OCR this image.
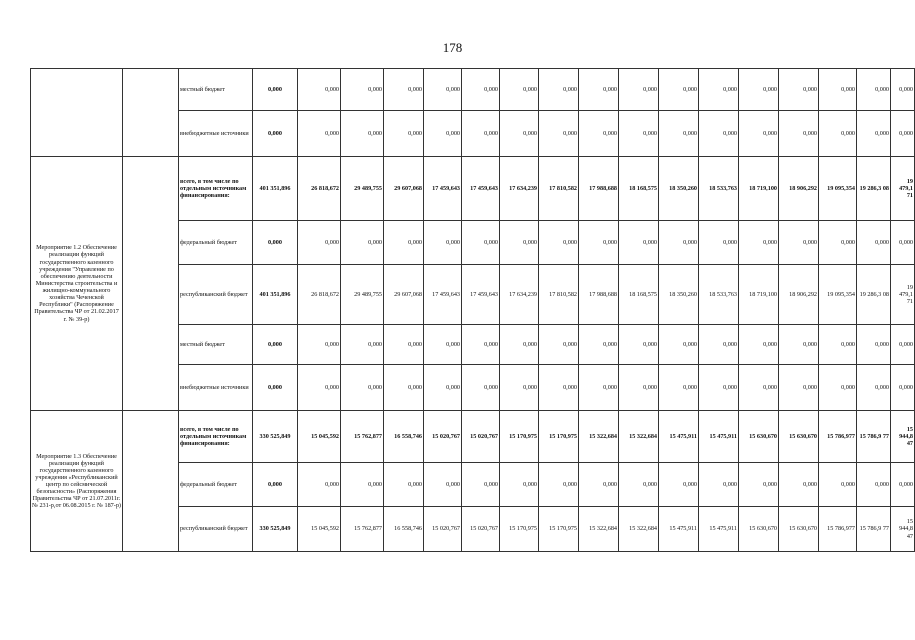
178
		местный бюджет	0,000	0,000	0,000	0,000	0,000	0,000	0,000	0,000	0,000	0,000	0,000	0,000	0,000	0,000	0,000	0,000	0,000
		внебюджетные источники	0,000	0,000	0,000	0,000	0,000	0,000	0,000	0,000	0,000	0,000	0,000	0,000	0,000	0,000	0,000	0,000	0,000
Мероприятие 1.2 Обеспечение реализации функций государственного казенного учреждения "Управление по обеспечению деятельности Министерства строительства и жилищно-коммунального хозяйства Чеченской Республики" (Распоряжение Правительства ЧР от 21.02.2017 г. № 39-р)		всего, в том числе по отдельным источникам финансирования:	401 351,896	26 818,672	29 489,755	29 607,068	17 459,643	17 459,643	17 634,239	17 810,582	17 988,688	18 168,575	18 350,260	18 533,763	18 719,100	18 906,292	19 095,354	19 286,3 08	19 479,1 71
		федеральный бюджет	0,000	0,000	0,000	0,000	0,000	0,000	0,000	0,000	0,000	0,000	0,000	0,000	0,000	0,000	0,000	0,000	0,000
		республиканский бюджет	401 351,896	26 818,672	29 489,755	29 607,068	17 459,643	17 459,643	17 634,239	17 810,582	17 988,688	18 168,575	18 350,260	18 533,763	18 719,100	18 906,292	19 095,354	19 286,3 08	19 479,1 71
		местный бюджет	0,000	0,000	0,000	0,000	0,000	0,000	0,000	0,000	0,000	0,000	0,000	0,000	0,000	0,000	0,000	0,000	0,000
		внебюджетные источники	0,000	0,000	0,000	0,000	0,000	0,000	0,000	0,000	0,000	0,000	0,000	0,000	0,000	0,000	0,000	0,000	0,000
Мероприятие 1.3 Обеспечение реализации функций государственного казенного учреждения «Республиканский центр по сейсмической безопасности» (Распоряжения Правительства ЧР от 21.07.2011г. № 231-р,от 06.08.2015 г. № 187-р)		всего, в том числе по отдельным источникам финансирования:	330 525,849	15 045,592	15 762,877	16 558,746	15 020,767	15 020,767	15 170,975	15 170,975	15 322,684	15 322,684	15 475,911	15 475,911	15 630,670	15 630,670	15 786,977	15 786,9 77	15 944,8 47
		федеральный бюджет	0,000	0,000	0,000	0,000	0,000	0,000	0,000	0,000	0,000	0,000	0,000	0,000	0,000	0,000	0,000	0,000	0,000
		республиканский бюджет	330 525,849	15 045,592	15 762,877	16 558,746	15 020,767	15 020,767	15 170,975	15 170,975	15 322,684	15 322,684	15 475,911	15 475,911	15 630,670	15 630,670	15 786,977	15 786,9 77	15 944,8 47
